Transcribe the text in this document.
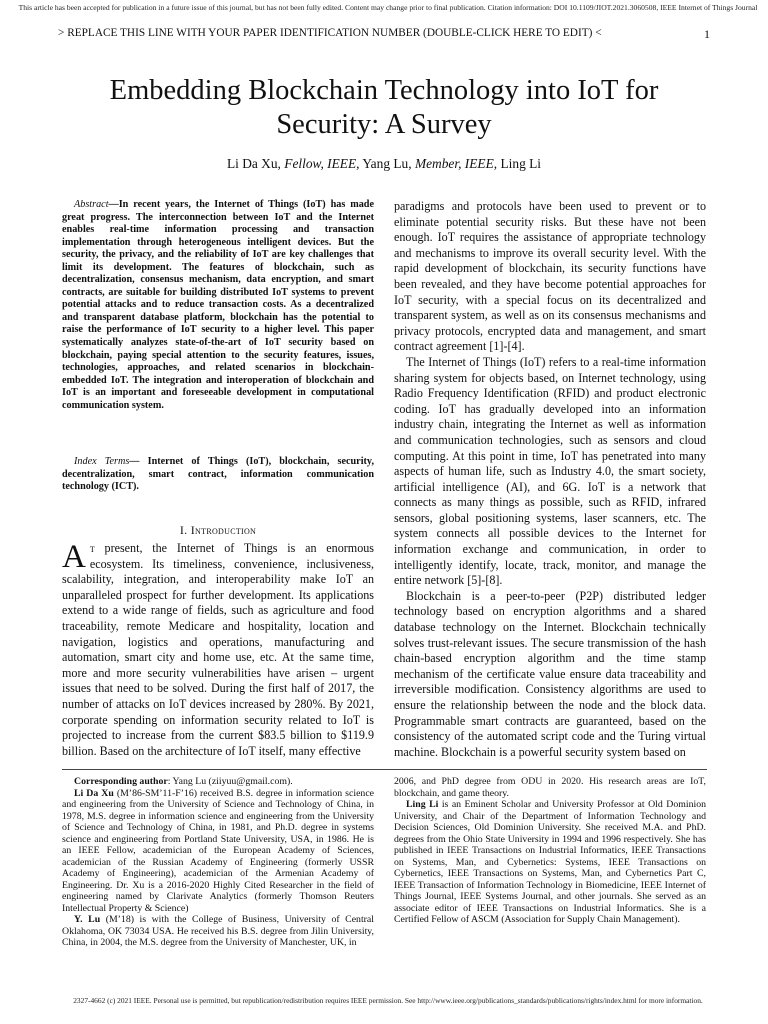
This article has been accepted for publication in a future issue of this journal, but has not been fully edited. Content may change prior to final publication. Citation information: DOI 10.1109/JIOT.2021.3060508, IEEE Internet of Things Journal
> REPLACE THIS LINE WITH YOUR PAPER IDENTIFICATION NUMBER (DOUBLE-CLICK HERE TO EDIT) <	1
Embedding Blockchain Technology into IoT for Security: A Survey
Li Da Xu, Fellow, IEEE, Yang Lu, Member, IEEE, Ling Li
Abstract—In recent years, the Internet of Things (IoT) has made great progress. The interconnection between IoT and the Internet enables real-time information processing and transaction implementation through heterogeneous intelligent devices. But the security, the privacy, and the reliability of IoT are key challenges that limit its development. The features of blockchain, such as decentralization, consensus mechanism, data encryption, and smart contracts, are suitable for building distributed IoT systems to prevent potential attacks and to reduce transaction costs. As a decentralized and transparent database platform, blockchain has the potential to raise the performance of IoT security to a higher level. This paper systematically analyzes state-of-the-art of IoT security based on blockchain, paying special attention to the security features, issues, technologies, approaches, and related scenarios in blockchain-embedded IoT. The integration and interoperation of blockchain and IoT is an important and foreseeable development in computational communication system.
Index Terms— Internet of Things (IoT), blockchain, security, decentralization, smart contract, information communication technology (ICT).
I. Introduction
At present, the Internet of Things is an enormous ecosystem. Its timeliness, convenience, inclusiveness, scalability, integration, and interoperability make IoT an unparalleled prospect for further development. Its applications extend to a wide range of fields, such as agriculture and food traceability, remote Medicare and hospitality, location and navigation, logistics and operations, manufacturing and automation, smart city and home use, etc. At the same time, more and more security vulnerabilities have arisen – urgent issues that need to be solved. During the first half of 2017, the number of attacks on IoT devices increased by 280%. By 2021, corporate spending on information security related to IoT is projected to increase from the current $83.5 billion to $119.9 billion. Based on the architecture of IoT itself, many effective

paradigms and protocols have been used to prevent or to eliminate potential security risks. But these have not been enough. IoT requires the assistance of appropriate technology and mechanisms to improve its overall security level. With the rapid development of blockchain, its security functions have been revealed, and they have become potential approaches for IoT security, with a special focus on its decentralized and transparent system, as well as on its consensus mechanisms and privacy protocols, encrypted data and management, and smart contract agreement [1]-[4].

The Internet of Things (IoT) refers to a real-time information sharing system for objects based, on Internet technology, using Radio Frequency Identification (RFID) and product electronic coding. IoT has gradually developed into an information industry chain, integrating the Internet as well as information and communication technologies, such as sensors and cloud computing. At this point in time, IoT has penetrated into many aspects of human life, such as Industry 4.0, the smart society, artificial intelligence (AI), and 6G. IoT is a network that connects as many things as possible, such as RFID, infrared sensors, global positioning systems, laser scanners, etc. The system connects all possible devices to the Internet for information exchange and communication, in order to intelligently identify, locate, track, monitor, and manage the entire network [5]-[8].

Blockchain is a peer-to-peer (P2P) distributed ledger technology based on encryption algorithms and a shared database technology on the Internet. Blockchain technically solves trust-relevant issues. The secure transmission of the hash chain-based encryption algorithm and the time stamp mechanism of the certificate value ensure data traceability and irreversible modification. Consistency algorithms are used to ensure the relationship between the node and the block data. Programmable smart contracts are guaranteed, based on the consistency of the automated script code and the Turing virtual machine. Blockchain is a powerful security system based on

Corresponding author: Yang Lu (ziiyuu@gmail.com).

Li Da Xu (M’86-SM’11-F’16) received B.S. degree in information science and engineering from the University of Science and Technology of China, in 1978, M.S. degree in information science and engineering from the University of Science and Technology of China, in 1981, and Ph.D. degree in systems science and engineering from Portland State University, USA, in 1986. He is an IEEE Fellow, academician of the European Academy of Sciences, academician of the Russian Academy of Engineering (formerly USSR Academy of Engineering), academician of the Armenian Academy of Engineering. Dr. Xu is a 2016-2020 Highly Cited Researcher in the field of engineering named by Clarivate Analytics (formerly Thomson Reuters Intellectual Property & Science)

Y. Lu (M’18) is with the College of Business, University of Central Oklahoma, OK 73034 USA. He received his B.S. degree from Jilin University, China, in 2004, the M.S. degree from the University of Manchester, UK, in

2006, and PhD degree from ODU in 2020. His research areas are IoT, blockchain, and game theory.

Ling Li is an Eminent Scholar and University Professor at Old Dominion University, and Chair of the Department of Information Technology and Decision Sciences, Old Dominion University. She received M.A. and PhD. degrees from the Ohio State University in 1994 and 1996 respectively. She has published in IEEE Transactions on Industrial Informatics, IEEE Transactions on Systems, Man, and Cybernetics: Systems, IEEE Transactions on Cybernetics, IEEE Transactions on Systems, Man, and Cybernetics Part C, IEEE Transaction of Information Technology in Biomedicine, IEEE Internet of Things Journal, IEEE Systems Journal, and other journals. She served as an associate editor of IEEE Transactions on Industrial Informatics. She is a Certified Fellow of ASCM (Association for Supply Chain Management).

2327-4662 (c) 2021 IEEE. Personal use is permitted, but republication/redistribution requires IEEE permission. See http://www.ieee.org/publications_standards/publications/rights/index.html for more information.
